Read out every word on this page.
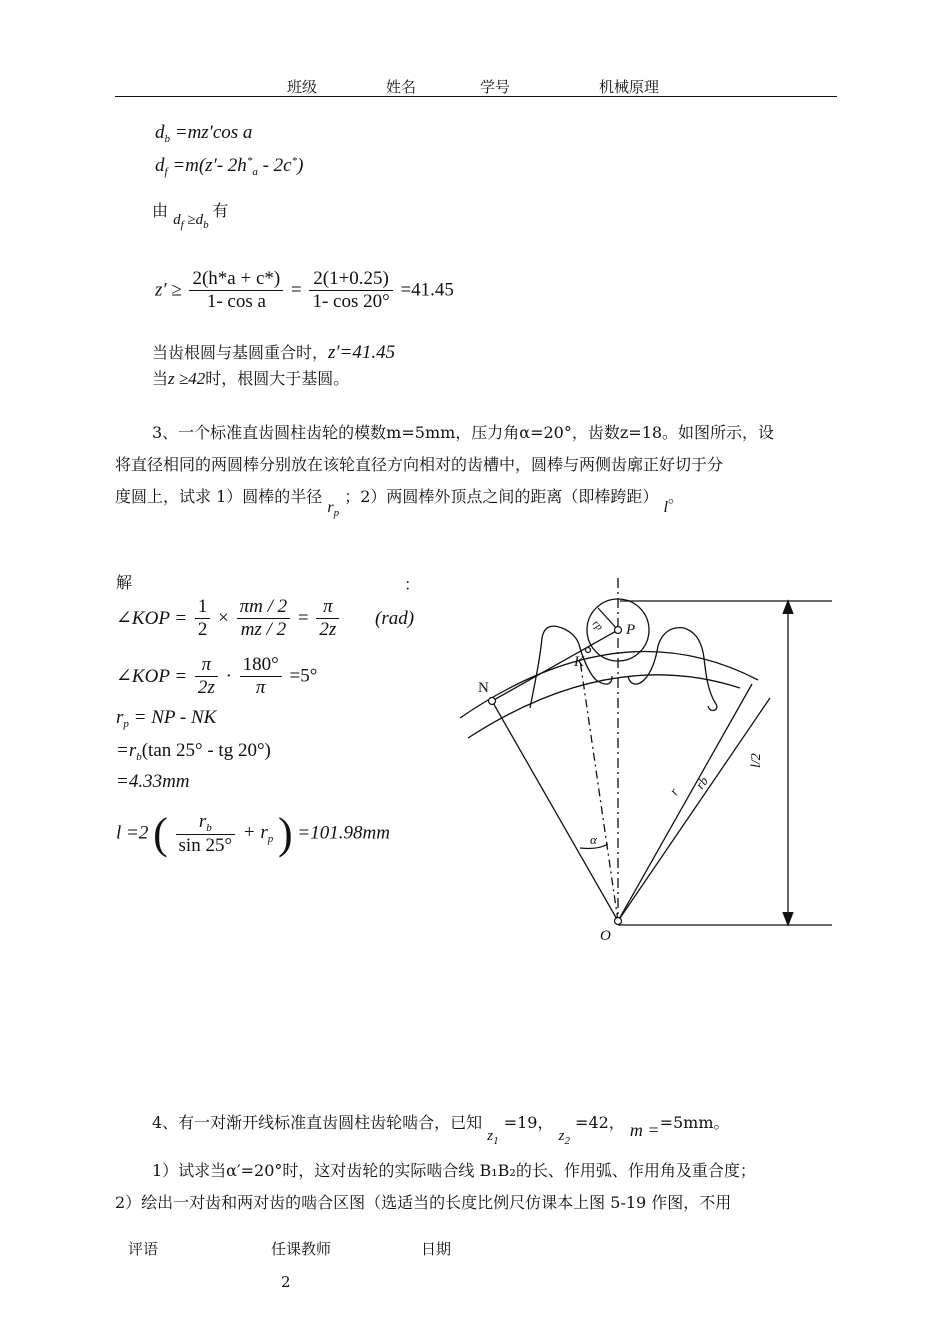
班级	姓名	学号	机械原理
$d_b =mz'\cos$ a
$d_f =m(z'-$ $2h^*_a - 2c^*$)
由 $d_f \ge d_b$ 有
$z' \ge \frac{2(h*a + c*)}{\text{1- cos a}} = \frac{2(1+0.25)}{1- \cos 20^\circ} =41.45$
当齿根圆与基圆重合时，z′=41.45
当z ≥42时，根圆大于基圆。
3、一个标准直齿圆柱齿轮的模数m=5mm，压力角α=20°，齿数z=18。如图所示，设
将直径相同的两圆棒分别放在该轮直径方向相对的齿槽中，圆棒与两侧齿廓正好切于分
度圆上，试求 1）圆棒的半径 $r_p$ ；2）两圆棒外顶点之间的距离（即棒跨距） l。
解	：
∠KOP = $\frac{1}{2} \times \frac{\pi m / 2}{mz / 2} = \frac{\pi}{2z} (rad)$
∠KOP = $\frac{\pi}{2z} \cdot \frac{180^\circ}{\pi} =5^\circ$
$r_p$ = NP - NK
$=r_b(\tan$ 25° - tg 20°)
=4.33mm
l =2 ( $\frac{r_b}{\sin 25^\circ} + r_p$ ) =101.98mm
N
K
P
O
rp
α
r rb
l/2
4、有一对渐开线标准直齿圆柱齿轮啮合，已知 $z_1 =19$， $z_2 =42$， m ==5mm。
1）试求当α′=20°时，这对齿轮的实际啮合线 B₁B₂的长、作用弧、作用角及重合度；
2）绘出一对齿和两对齿的啮合区图（选适当的长度比例尺仿课本上图 5-19 作图，不用
评语	任课教师	日期
2
